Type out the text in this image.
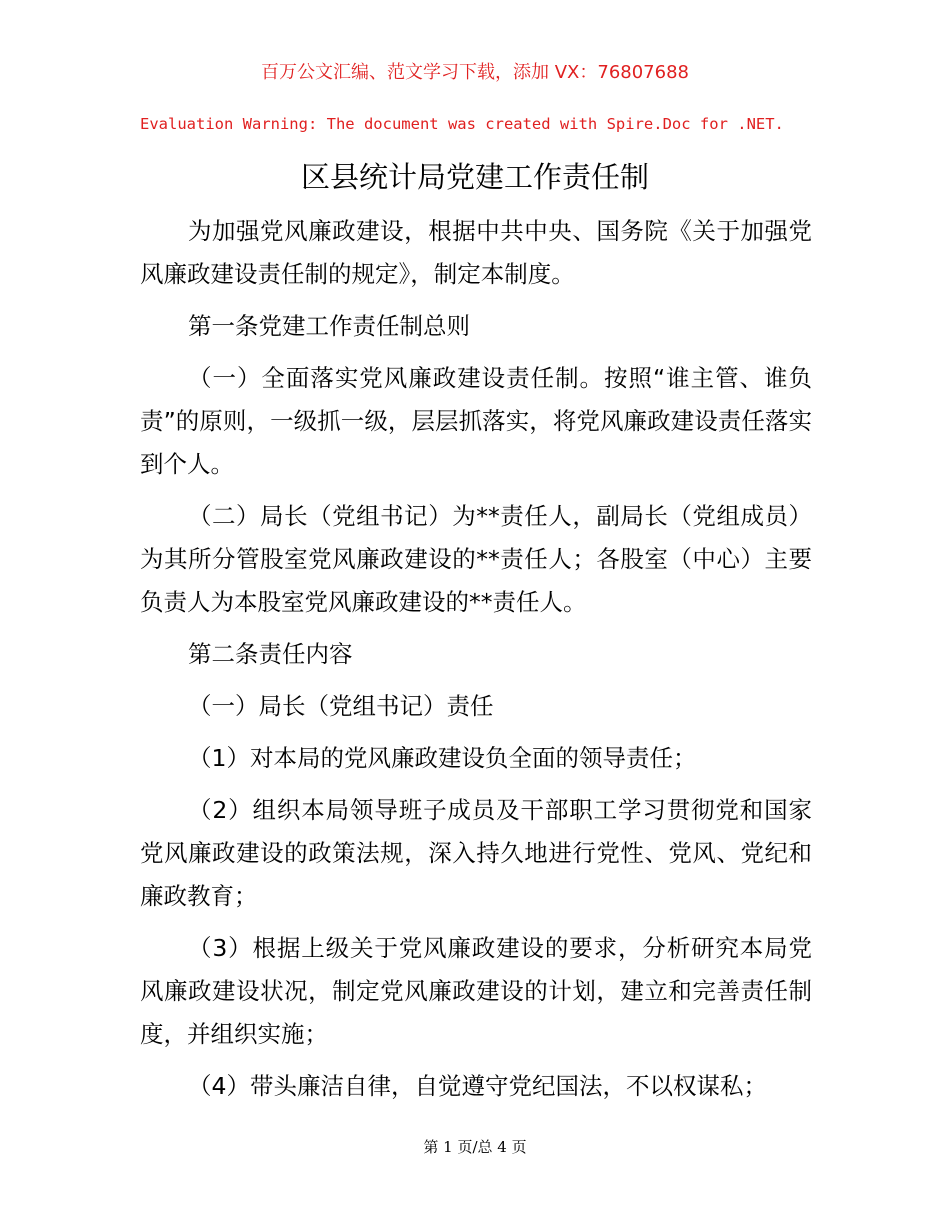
百万公文汇编、范文学习下载，添加 VX：76807688
Evaluation Warning: The document was created with Spire.Doc for .NET.
区县统计局党建工作责任制

为加强党风廉政建设，根据中共中央、国务院《关于加强党风廉政建设责任制的规定》，制定本制度。

第一条党建工作责任制总则

（一）全面落实党风廉政建设责任制。按照“谁主管、谁负责”的原则，一级抓一级，层层抓落实，将党风廉政建设责任落实到个人。

（二）局长（党组书记）为**责任人，副局长（党组成员）为其所分管股室党风廉政建设的**责任人；各股室（中心）主要负责人为本股室党风廉政建设的**责任人。

第二条责任内容

（一）局长（党组书记）责任

（1）对本局的党风廉政建设负全面的领导责任；

（2）组织本局领导班子成员及干部职工学习贯彻党和国家党风廉政建设的政策法规，深入持久地进行党性、党风、党纪和廉政教育；

（3）根据上级关于党风廉政建设的要求，分析研究本局党风廉政建设状况，制定党风廉政建设的计划，建立和完善责任制度，并组织实施；

（4）带头廉洁自律，自觉遵守党纪国法，不以权谋私；

第 1 页/总 4 页
